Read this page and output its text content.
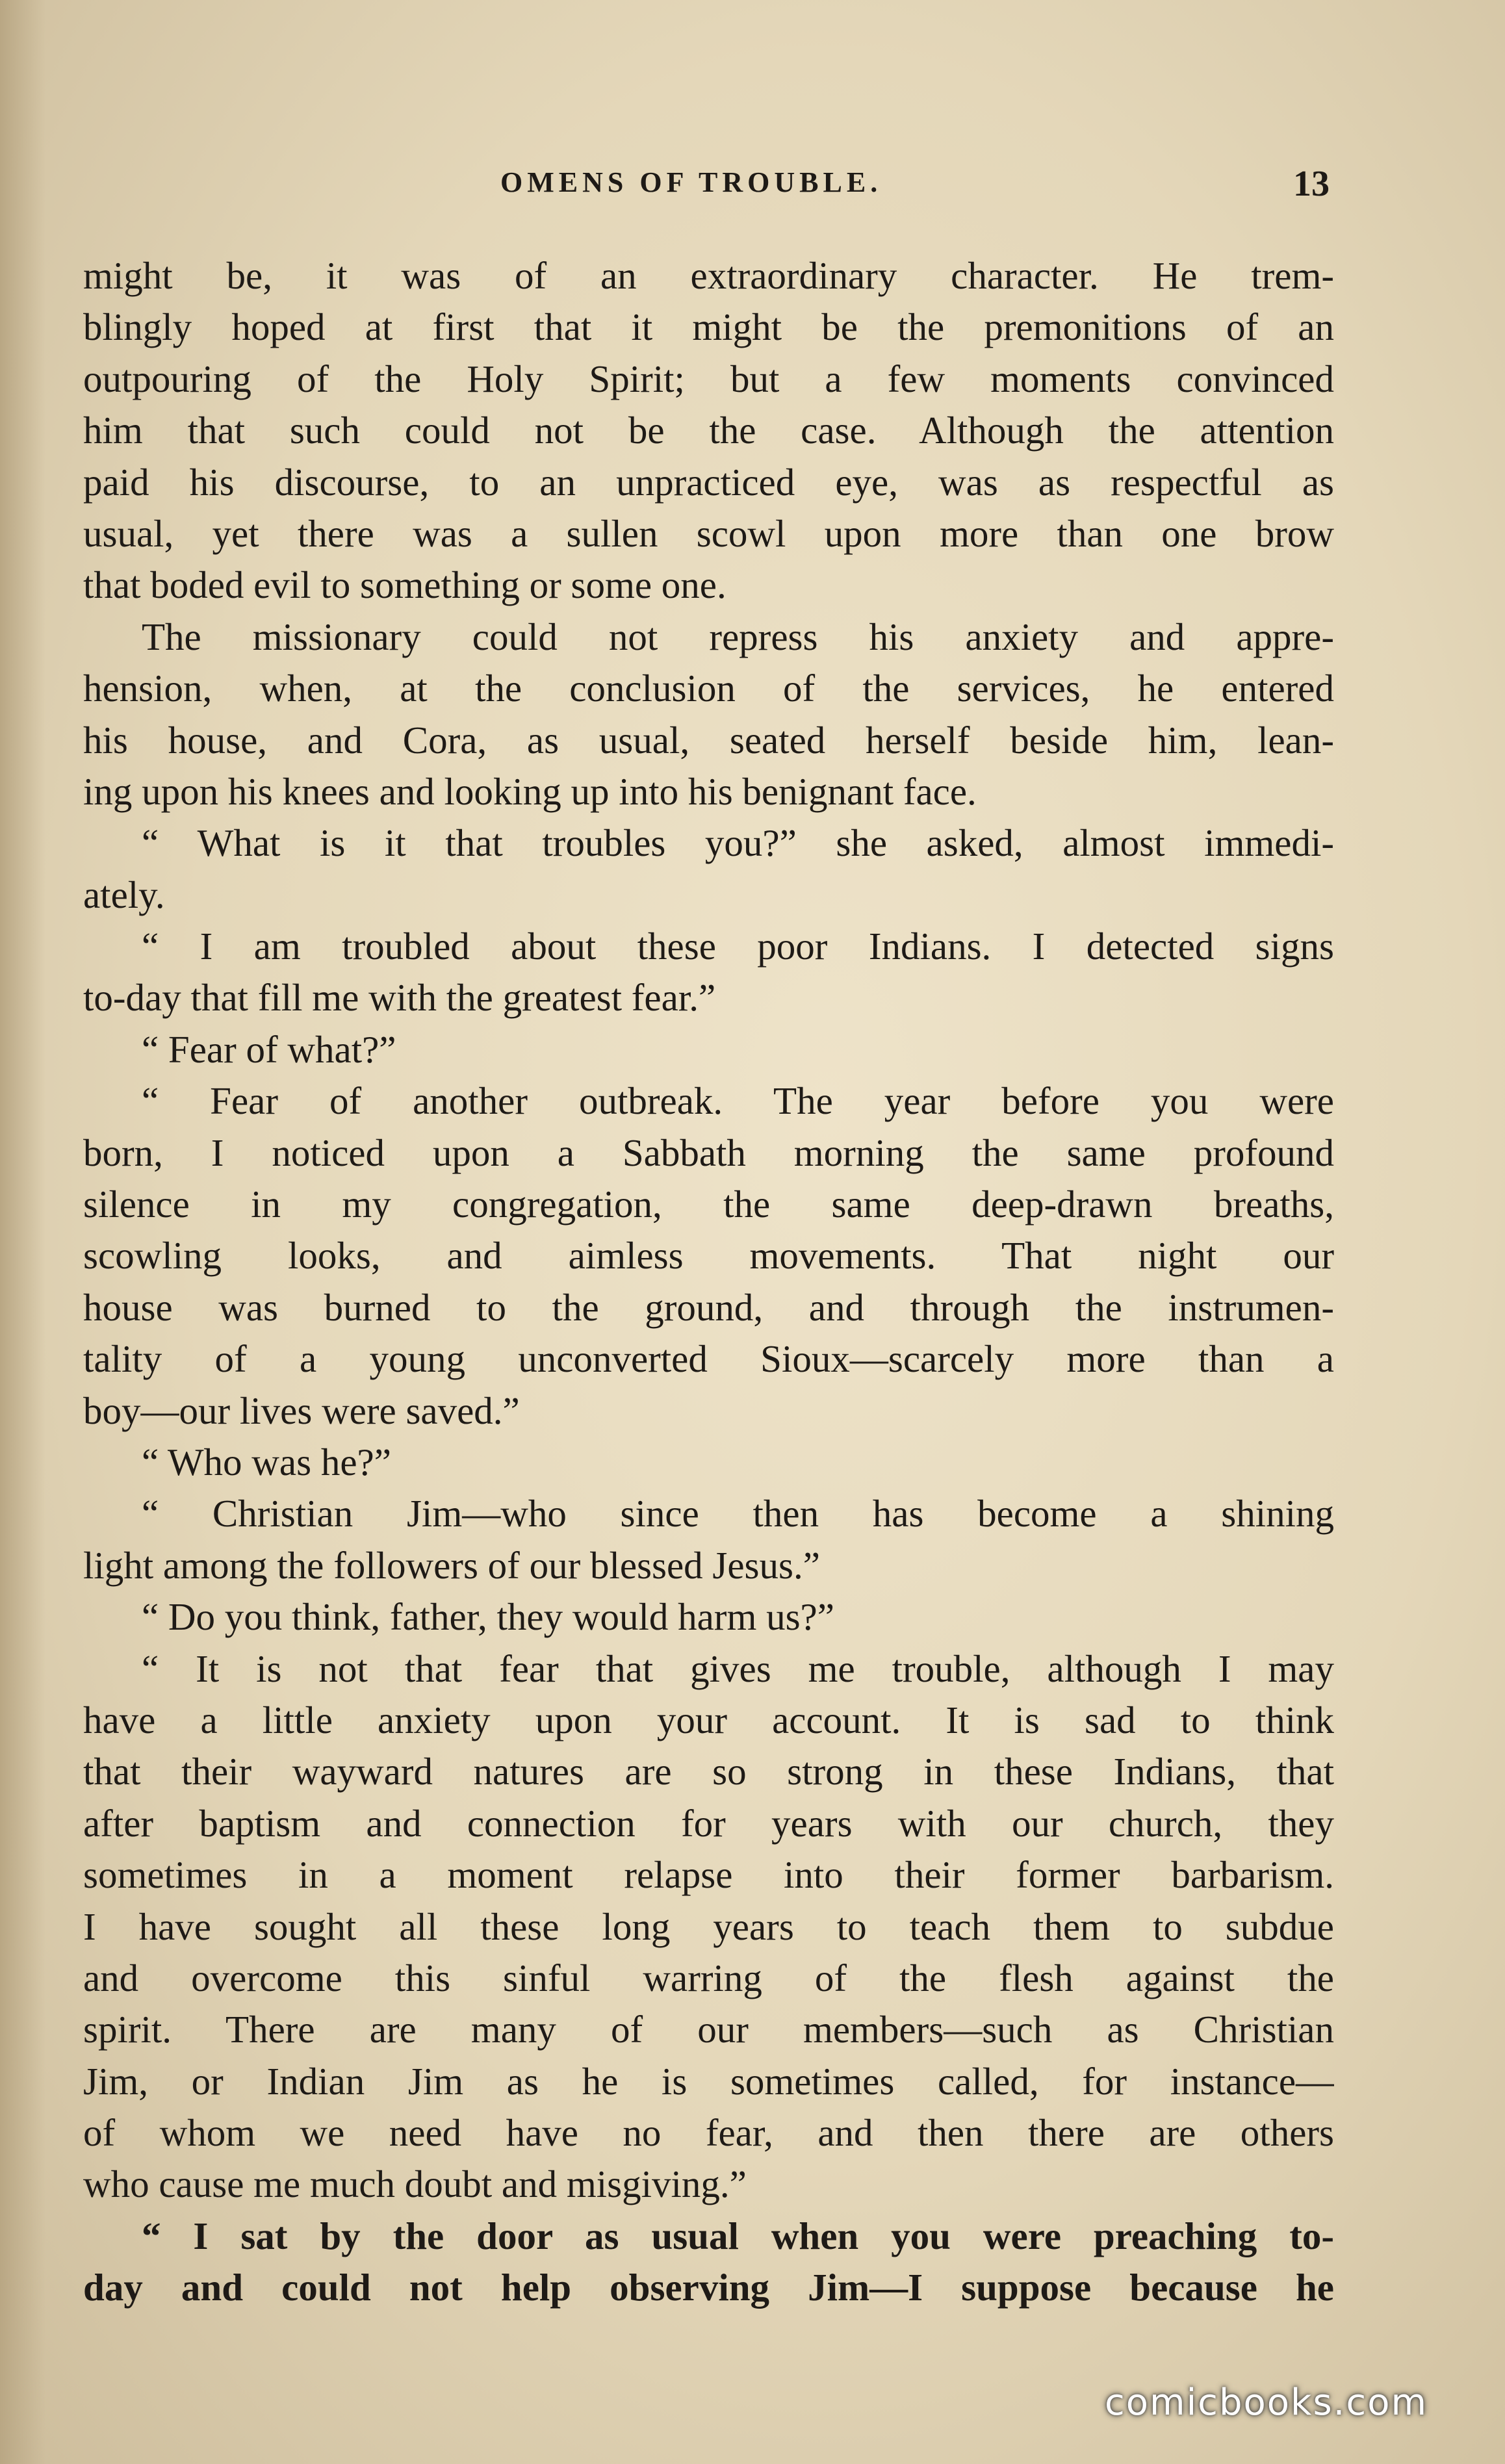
OMENS OF TROUBLE.	13
might be, it was of an extraordinary character. He trem-
blingly hoped at first that it might be the premonitions of an
outpouring of the Holy Spirit; but a few moments convinced
him that such could not be the case. Although the attention
paid his discourse, to an unpracticed eye, was as respectful as
usual, yet there was a sullen scowl upon more than one brow
that boded evil to something or some one.
The missionary could not repress his anxiety and appre-
hension, when, at the conclusion of the services, he entered
his house, and Cora, as usual, seated herself beside him, lean-
ing upon his knees and looking up into his benignant face.
“ What is it that troubles you?” she asked, almost immedi-
ately.
“ I am troubled about these poor Indians. I detected signs
to-day that fill me with the greatest fear.”
“ Fear of what?”
“ Fear of another outbreak. The year before you were
born, I noticed upon a Sabbath morning the same profound
silence in my congregation, the same deep-drawn breaths,
scowling looks, and aimless movements. That night our
house was burned to the ground, and through the instrumen-
tality of a young unconverted Sioux—scarcely more than a
boy—our lives were saved.”
“ Who was he?”
“ Christian Jim—who since then has become a shining
light among the followers of our blessed Jesus.”
“ Do you think, father, they would harm us?”
“ It is not that fear that gives me trouble, although I may
have a little anxiety upon your account. It is sad to think
that their wayward natures are so strong in these Indians, that
after baptism and connection for years with our church, they
sometimes in a moment relapse into their former barbarism.
I have sought all these long years to teach them to subdue
and overcome this sinful warring of the flesh against the
spirit. There are many of our members—such as Christian
Jim, or Indian Jim as he is sometimes called, for instance—
of whom we need have no fear, and then there are others
who cause me much doubt and misgiving.”
“ I sat by the door as usual when you were preaching to-
day and could not help observing Jim—I suppose because he
comicbooks.com
